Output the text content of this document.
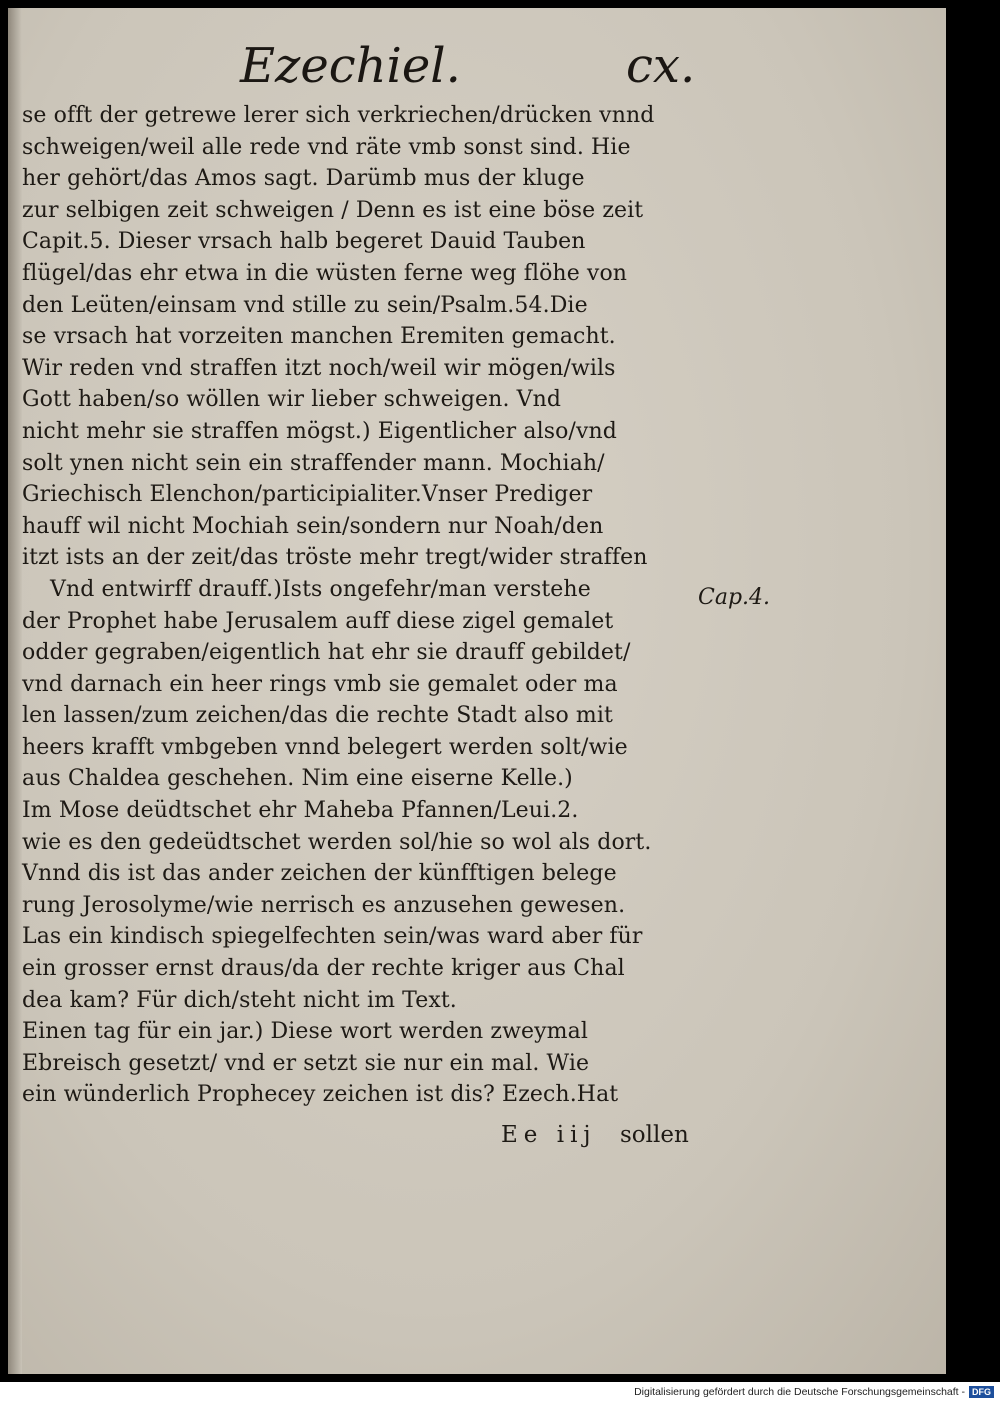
Ezechiel.	cx.
se offt der getrewe lerer sich verkriechen/drücken vnnd
schweigen/weil alle rede vnd räte vmb sonst sind. Hie
her gehört/das Amos sagt. Darümb mus der kluge
zur selbigen zeit schweigen / Denn es ist eine böse zeit
Capit.5. Dieser vrsach halb begeret Dauid Tauben
flügel/das ehr etwa in die wüsten ferne weg flöhe von
den Leüten/einsam vnd stille zu sein/Psalm.54.Die
se vrsach hat vorzeiten manchen Eremiten gemacht.
Wir reden vnd straffen itzt noch/weil wir mögen/wils
Gott haben/so wöllen wir lieber schweigen. Vnd
nicht mehr sie straffen mögst.) Eigentlicher also/vnd
solt ynen nicht sein ein straffender mann. Mochiah/
Griechisch Elenchon/participialiter.Vnser Prediger
hauff wil nicht Mochiah sein/sondern nur Noah/den
itzt ists an der zeit/das tröste mehr tregt/wider straffen
Vnd entwirff drauff.)Ists ongefehr/man verstehe
der Prophet habe Jerusalem auff diese zigel gemalet
odder gegraben/eigentlich hat ehr sie drauff gebildet/
vnd darnach ein heer rings vmb sie gemalet oder ma
len lassen/zum zeichen/das die rechte Stadt also mit
heers krafft vmbgeben vnnd belegert werden solt/wie
aus Chaldea geschehen. Nim eine eiserne Kelle.)
Im Mose deüdtschet ehr Maheba Pfannen/Leui.2.
wie es den gedeüdtschet werden sol/hie so wol als dort.
Vnnd dis ist das ander zeichen der künfftigen belege
rung Jerosolyme/wie nerrisch es anzusehen gewesen.
Las ein kindisch spiegelfechten sein/was ward aber für
ein grosser ernst draus/da der rechte kriger aus Chal
dea kam? Für dich/steht nicht im Text.
Einen tag für ein jar.) Diese wort werden zweymal
Ebreisch gesetzt/ vnd er setzt sie nur ein mal. Wie
ein wünderlich Prophecey zeichen ist dis? Ezech.Hat
Cap.4.
Ee iij sollen
Digitalisierung gefördert durch die Deutsche Forschungsgemeinschaft - DFG
